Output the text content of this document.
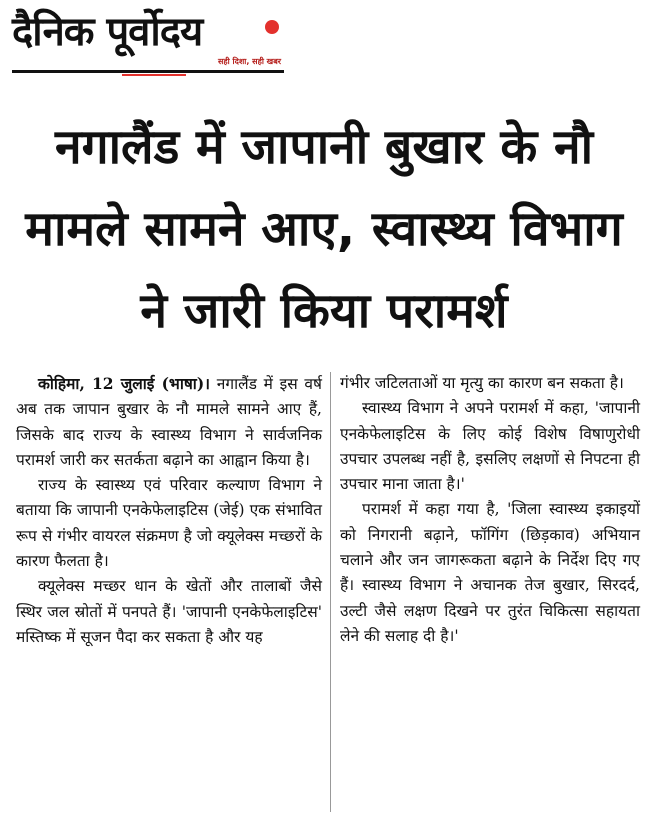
दैनिक पूर्वोदय
सही दिशा, सही खबर
नगालैंड में जापानी बुखार के नौ मामले सामने आए, स्वास्थ्य विभाग ने जारी किया परामर्श

कोहिमा, 12 जुलाई (भाषा)। नगालैंड में इस वर्ष अब तक जापान बुखार के नौ मामले सामने आए हैं, जिसके बाद राज्य के स्वास्थ्य विभाग ने सार्वजनिक परामर्श जारी कर सतर्कता बढ़ाने का आह्वान किया है।

राज्य के स्वास्थ्य एवं परिवार कल्याण विभाग ने बताया कि जापानी एनकेफेलाइटिस (जेई) एक संभावित रूप से गंभीर वायरल संक्रमण है जो क्यूलेक्स मच्छरों के कारण फैलता है।

क्यूलेक्स मच्छर धान के खेतों और तालाबों जैसे स्थिर जल स्रोतों में पनपते हैं। 'जापानी एनकेफेलाइटिस' मस्तिष्क में सूजन पैदा कर सकता है और यह

गंभीर जटिलताओं या मृत्यु का कारण बन सकता है।

स्वास्थ्य विभाग ने अपने परामर्श में कहा, 'जापानी एनकेफेलाइटिस के लिए कोई विशेष विषाणुरोधी उपचार उपलब्ध नहीं है, इसलिए लक्षणों से निपटना ही उपचार माना जाता है।'

परामर्श में कहा गया है, 'जिला स्वास्थ्य इकाइयों को निगरानी बढ़ाने, फॉगिंग (छिड़काव) अभियान चलाने और जन जागरूकता बढ़ाने के निर्देश दिए गए हैं। स्वास्थ्य विभाग ने अचानक तेज बुखार, सिरदर्द, उल्टी जैसे लक्षण दिखने पर तुरंत चिकित्सा सहायता लेने की सलाह दी है।'
